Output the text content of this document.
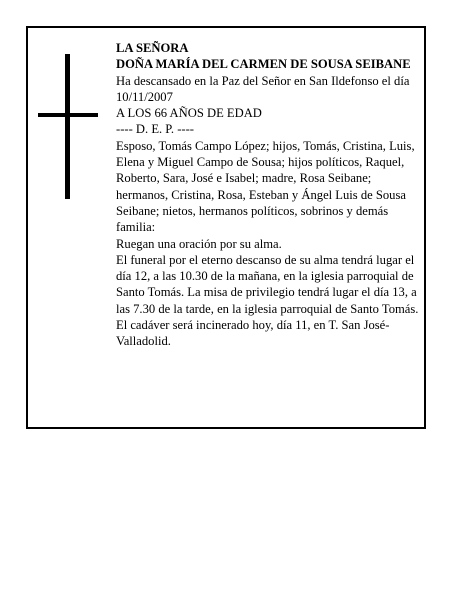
LA SEÑORA

DOÑA MARÍA DEL CARMEN DE SOUSA SEIBANE

Ha descansado en la Paz del Señor en San Ildefonso el día 10/11/2007

A LOS 66 AÑOS DE EDAD

---- D. E. P. ----

Esposo, Tomás Campo López; hijos, Tomás, Cristina, Luis, Elena y Miguel Campo de Sousa; hijos políticos, Raquel, Roberto, Sara, José e Isabel; madre, Rosa Seibane; hermanos, Cristina, Rosa, Esteban y Ángel Luis de Sousa Seibane; nietos, hermanos políticos, sobrinos y demás familia:

Ruegan una oración por su alma.

El funeral por el eterno descanso de su alma tendrá lugar el día 12, a las 10.30 de la mañana, en la iglesia parroquial de Santo Tomás. La misa de privilegio tendrá lugar el día 13, a las 7.30 de la tarde, en la iglesia parroquial de Santo Tomás. El cadáver será incinerado hoy, día 11, en T. San José-Valladolid.
